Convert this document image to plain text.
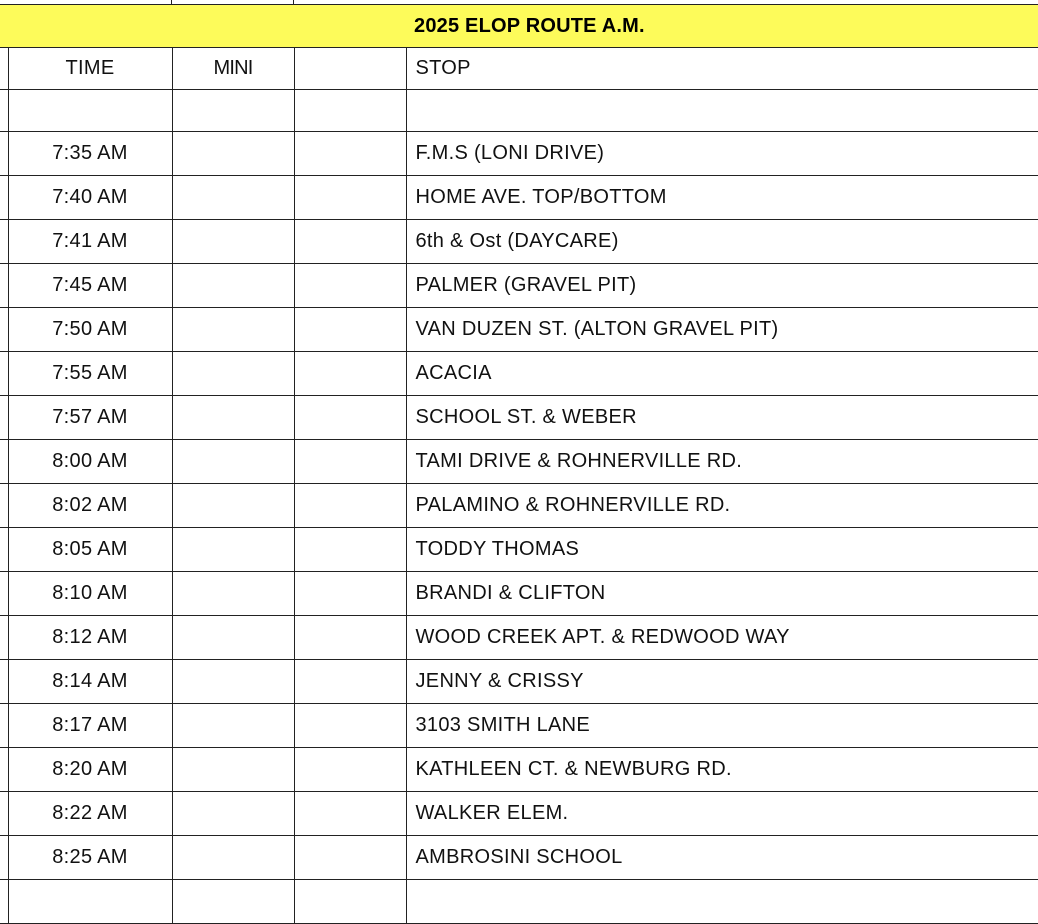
2025 ELOP ROUTE A.M.
	TIME	MINI		STOP

	7:35 AM			F.M.S (LONI DRIVE)
	7:40 AM			HOME AVE. TOP/BOTTOM
	7:41 AM			6th & Ost (DAYCARE)
	7:45 AM			PALMER (GRAVEL PIT)
	7:50 AM			VAN DUZEN ST. (ALTON GRAVEL PIT)
	7:55 AM			ACACIA
	7:57 AM			SCHOOL ST. & WEBER
	8:00 AM			TAMI DRIVE & ROHNERVILLE RD.
	8:02 AM			PALAMINO & ROHNERVILLE RD.
	8:05 AM			TODDY THOMAS
	8:10 AM			BRANDI & CLIFTON
	8:12 AM			WOOD CREEK APT. & REDWOOD WAY
	8:14 AM			JENNY & CRISSY
	8:17 AM			3103 SMITH LANE
	8:20 AM			KATHLEEN CT. & NEWBURG RD.
	8:22 AM			WALKER ELEM.
	8:25 AM			AMBROSINI SCHOOL
